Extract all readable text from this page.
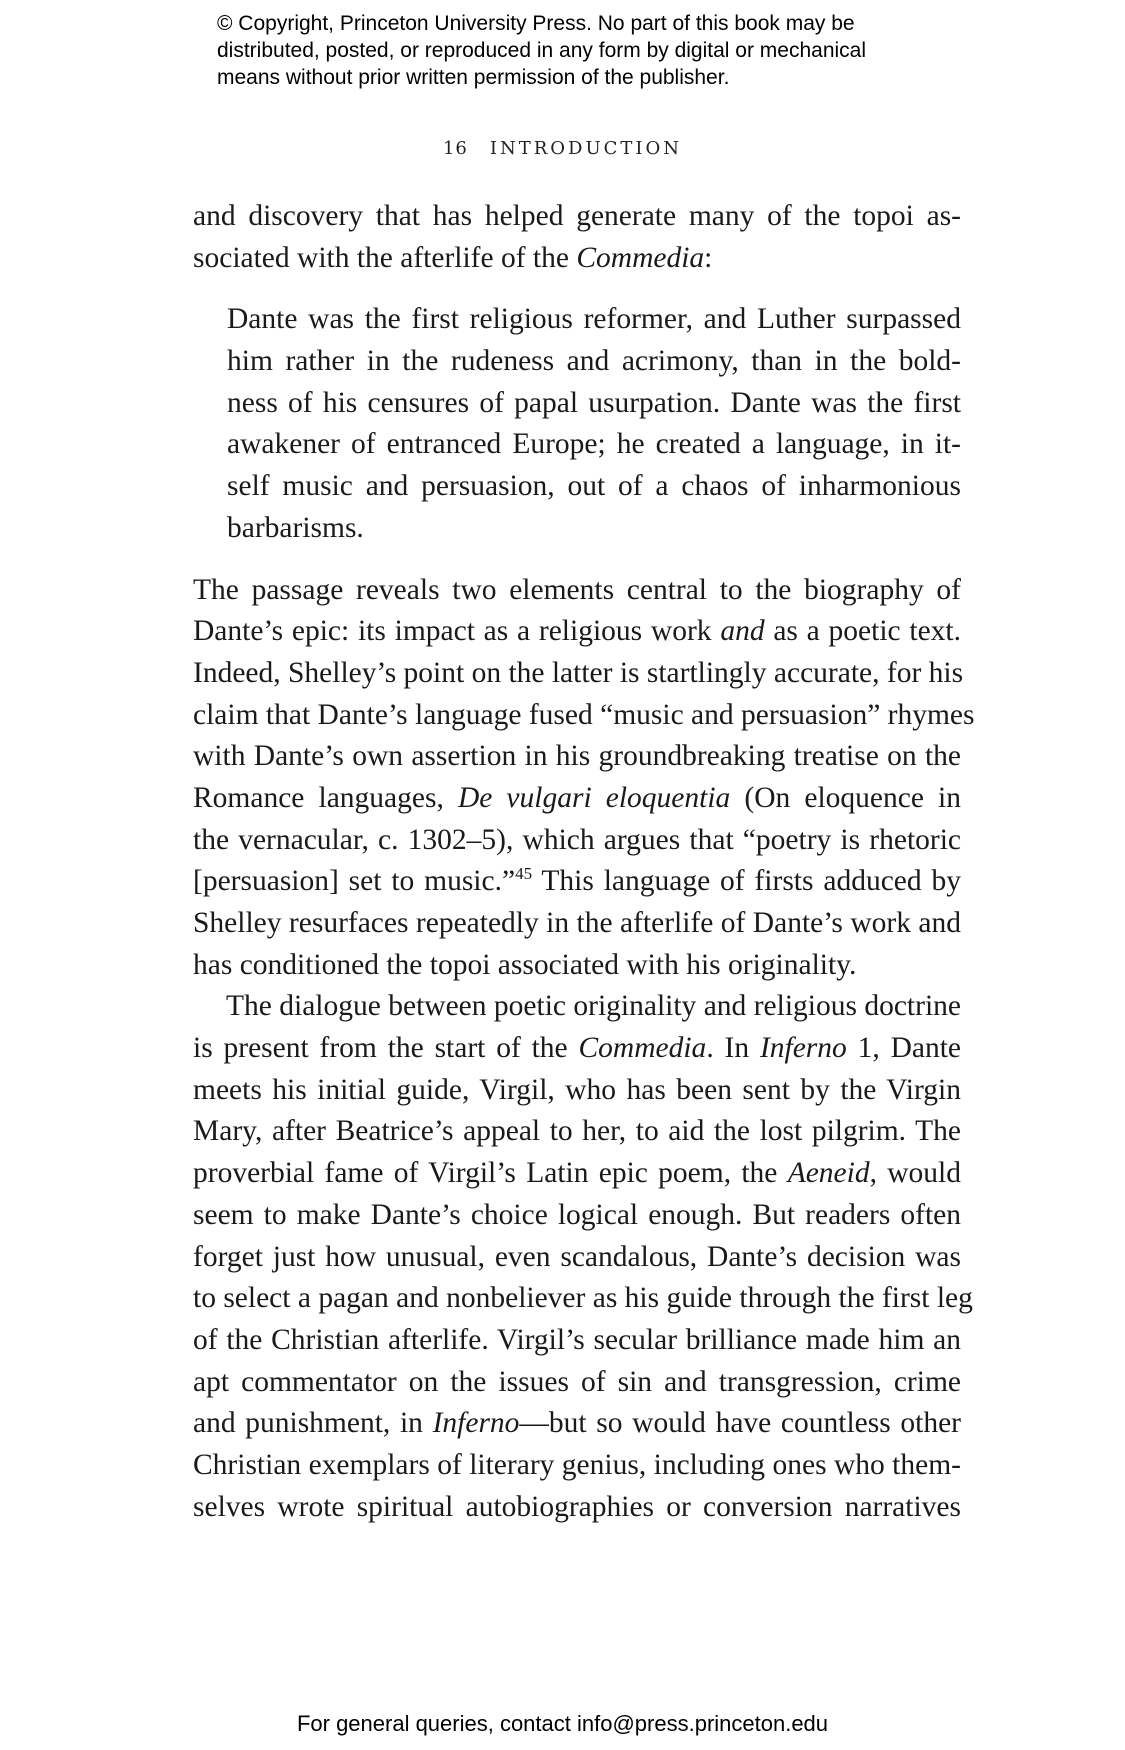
© Copyright, Princeton University Press. No part of this book may be
distributed, posted, or reproduced in any form by digital or mechanical
means without prior written permission of the publisher.
16 INTRODUCTION
and discovery that has helped generate many of the topoi as-
sociated with the afterlife of the Commedia:
Dante was the first religious reformer, and Luther surpassed
him rather in the rudeness and acrimony, than in the bold-
ness of his censures of papal usurpation. Dante was the first
awakener of entranced Europe; he created a language, in it-
self music and persuasion, out of a chaos of inharmonious
barbarisms.
The passage reveals two elements central to the biography of
Dante’s epic: its impact as a religious work and as a poetic text.
Indeed, Shelley’s point on the latter is startlingly accurate, for his
claim that Dante’s language fused “music and persuasion” rhymes
with Dante’s own assertion in his groundbreaking treatise on the
Romance languages, De vulgari eloquentia (On eloquence in
the vernacular, c. 1302–5), which argues that “poetry is rhetoric
[persuasion] set to music.”$^{45}$ This language of firsts adduced by
Shelley resurfaces repeatedly in the afterlife of Dante’s work and
has conditioned the topoi associated with his originality.
The dialogue between poetic originality and religious doctrine
is present from the start of the Commedia. In Inferno 1, Dante
meets his initial guide, Virgil, who has been sent by the Virgin
Mary, after Beatrice’s appeal to her, to aid the lost pilgrim. The
proverbial fame of Virgil’s Latin epic poem, the Aeneid, would
seem to make Dante’s choice logical enough. But readers often
forget just how unusual, even scandalous, Dante’s decision was
to select a pagan and nonbeliever as his guide through the first leg
of the Christian afterlife. Virgil’s secular brilliance made him an
apt commentator on the issues of sin and transgression, crime
and punishment, in Inferno—but so would have countless other
Christian exemplars of literary genius, including ones who them-
selves wrote spiritual autobiographies or conversion narratives
For general queries, contact info@press.princeton.edu
